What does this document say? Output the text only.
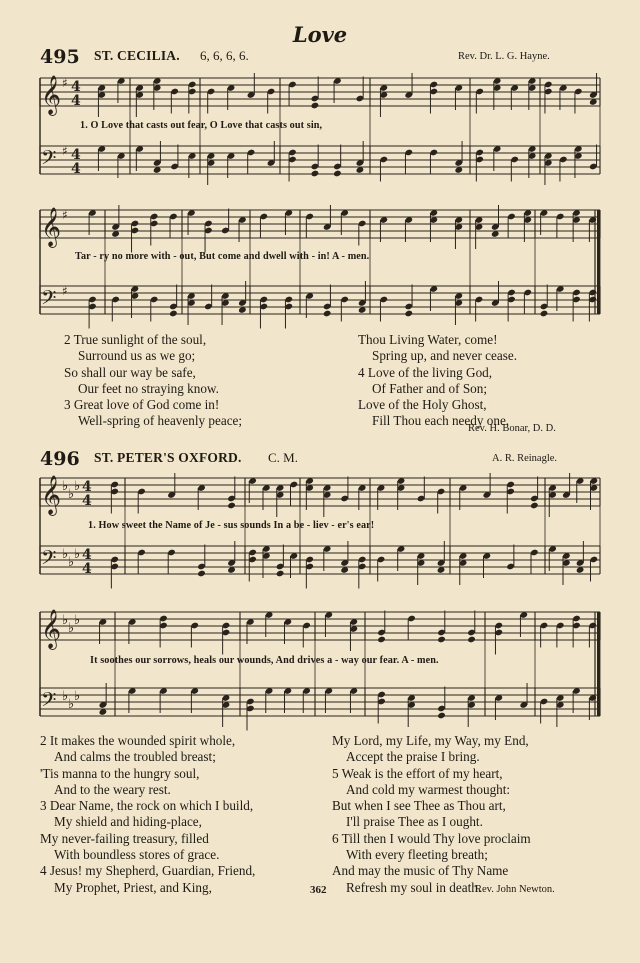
Love
495 ST. CECILIA. 6, 6, 6, 6.	Rev. Dr. L. G. Hayne.
𝄞 ♯ 4
4
𝄢 ♯ 4
4
𝄞 ♯
𝄢 ♯
𝄞 ♭
♭
♭ 4
4
𝄢 ♭
♭
♭ 4
4
𝄞 ♭
♭
♭
𝄢 ♭
♭
♭
1. O Love that casts out fear, O Love that casts out sin,
Tar - ry no more with - out, But come and dwell with - in! A - men.
2 True sunlight of the soul,
Surround us as we go;
So shall our way be safe,
Our feet no straying know.
3 Great love of God come in!
Well-spring of heavenly peace;
Thou Living Water, come!
Spring up, and never cease.
4 Love of the living God,
Of Father and of Son;
Love of the Holy Ghost,
Fill Thou each needy one.
Rev. H. Bonar, D. D.
496 ST. PETER'S OXFORD. C. M.	A. R. Reinagle.
1. How sweet the Name of Je - sus sounds In a be - liev - er's ear!
It soothes our sorrows, heals our wounds, And drives a - way our fear. A - men.
2 It makes the wounded spirit whole,
And calms the troubled breast;
'Tis manna to the hungry soul,
And to the weary rest.
3 Dear Name, the rock on which I build,
My shield and hiding-place,
My never-failing treasury, filled
With boundless stores of grace.
4 Jesus! my Shepherd, Guardian, Friend,
My Prophet, Priest, and King,
My Lord, my Life, my Way, my End,
Accept the praise I bring.
5 Weak is the effort of my heart,
And cold my warmest thought:
But when I see Thee as Thou art,
I'll praise Thee as I ought.
6 Till then I would Thy love proclaim
With every fleeting breath;
And may the music of Thy Name
Refresh my soul in death.
362	Rev. John Newton.
